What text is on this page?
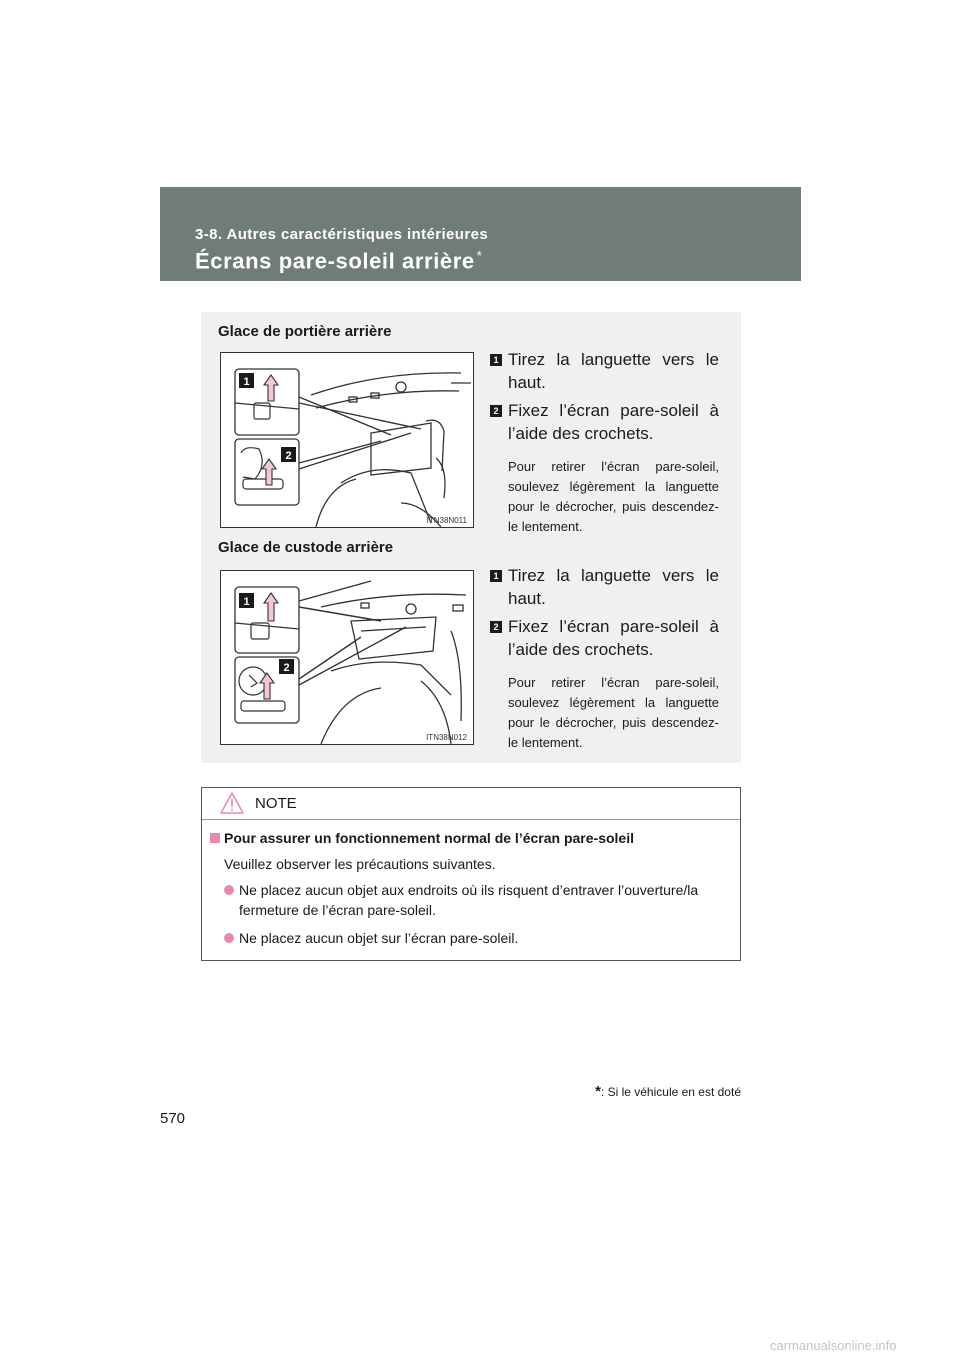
3-8. Autres caractéristiques intérieures
Écrans pare-soleil arrière *
Glace de portière arrière
1
2
ITN38N011
1 Tirez la languette vers le haut.
2 Fixez l’écran pare-soleil à l’aide des crochets.
Pour retirer l’écran pare-soleil, soulevez légèrement la languette pour le décrocher, puis descendez-le lentement.
Glace de custode arrière
1
2
ITN38N012
1 Tirez la languette vers le haut.
2 Fixez l’écran pare-soleil à l’aide des crochets.
Pour retirer l’écran pare-soleil, soulevez légèrement la languette pour le décrocher, puis descendez-le lentement.
NOTE
Pour assurer un fonctionnement normal de l’écran pare-soleil
Veuillez observer les précautions suivantes.
Ne placez aucun objet aux endroits où ils risquent d’entraver l’ouverture/la fermeture de l’écran pare-soleil.
Ne placez aucun objet sur l’écran pare-soleil.
*: Si le véhicule en est doté
570
carmanualsonline.info
